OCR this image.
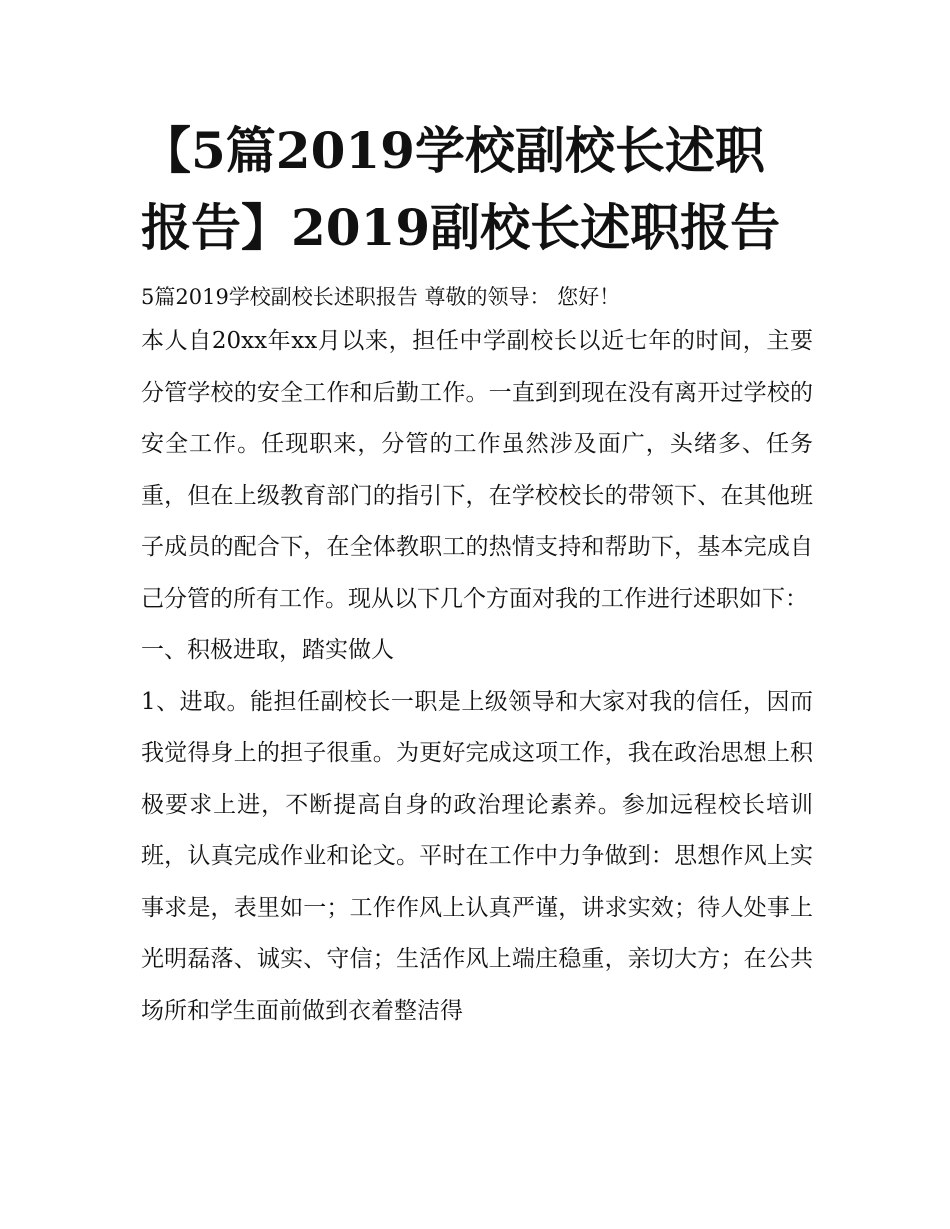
【5篇2019学校副校长述职报告】2019副校长述职报告

5篇2019学校副校长述职报告 尊敬的领导： 您好！

本人自20xx年xx月以来，担任中学副校长以近七年的时间，主要分管学校的安全工作和后勤工作。一直到到现在没有离开过学校的安全工作。任现职来，分管的工作虽然涉及面广，头绪多、任务重，但在上级教育部门的指引下，在学校校长的带领下、在其他班子成员的配合下，在全体教职工的热情支持和帮助下，基本完成自己分管的所有工作。现从以下几个方面对我的工作进行述职如下：

一、积极进取，踏实做人

1、进取。能担任副校长一职是上级领导和大家对我的信任，因而我觉得身上的担子很重。为更好完成这项工作，我在政治思想上积极要求上进，不断提高自身的政治理论素养。参加远程校长培训班，认真完成作业和论文。平时在工作中力争做到：思想作风上实事求是，表里如一；工作作风上认真严谨，讲求实效；待人处事上光明磊落、诚实、守信；生活作风上端庄稳重，亲切大方；在公共场所和学生面前做到衣着整洁得
